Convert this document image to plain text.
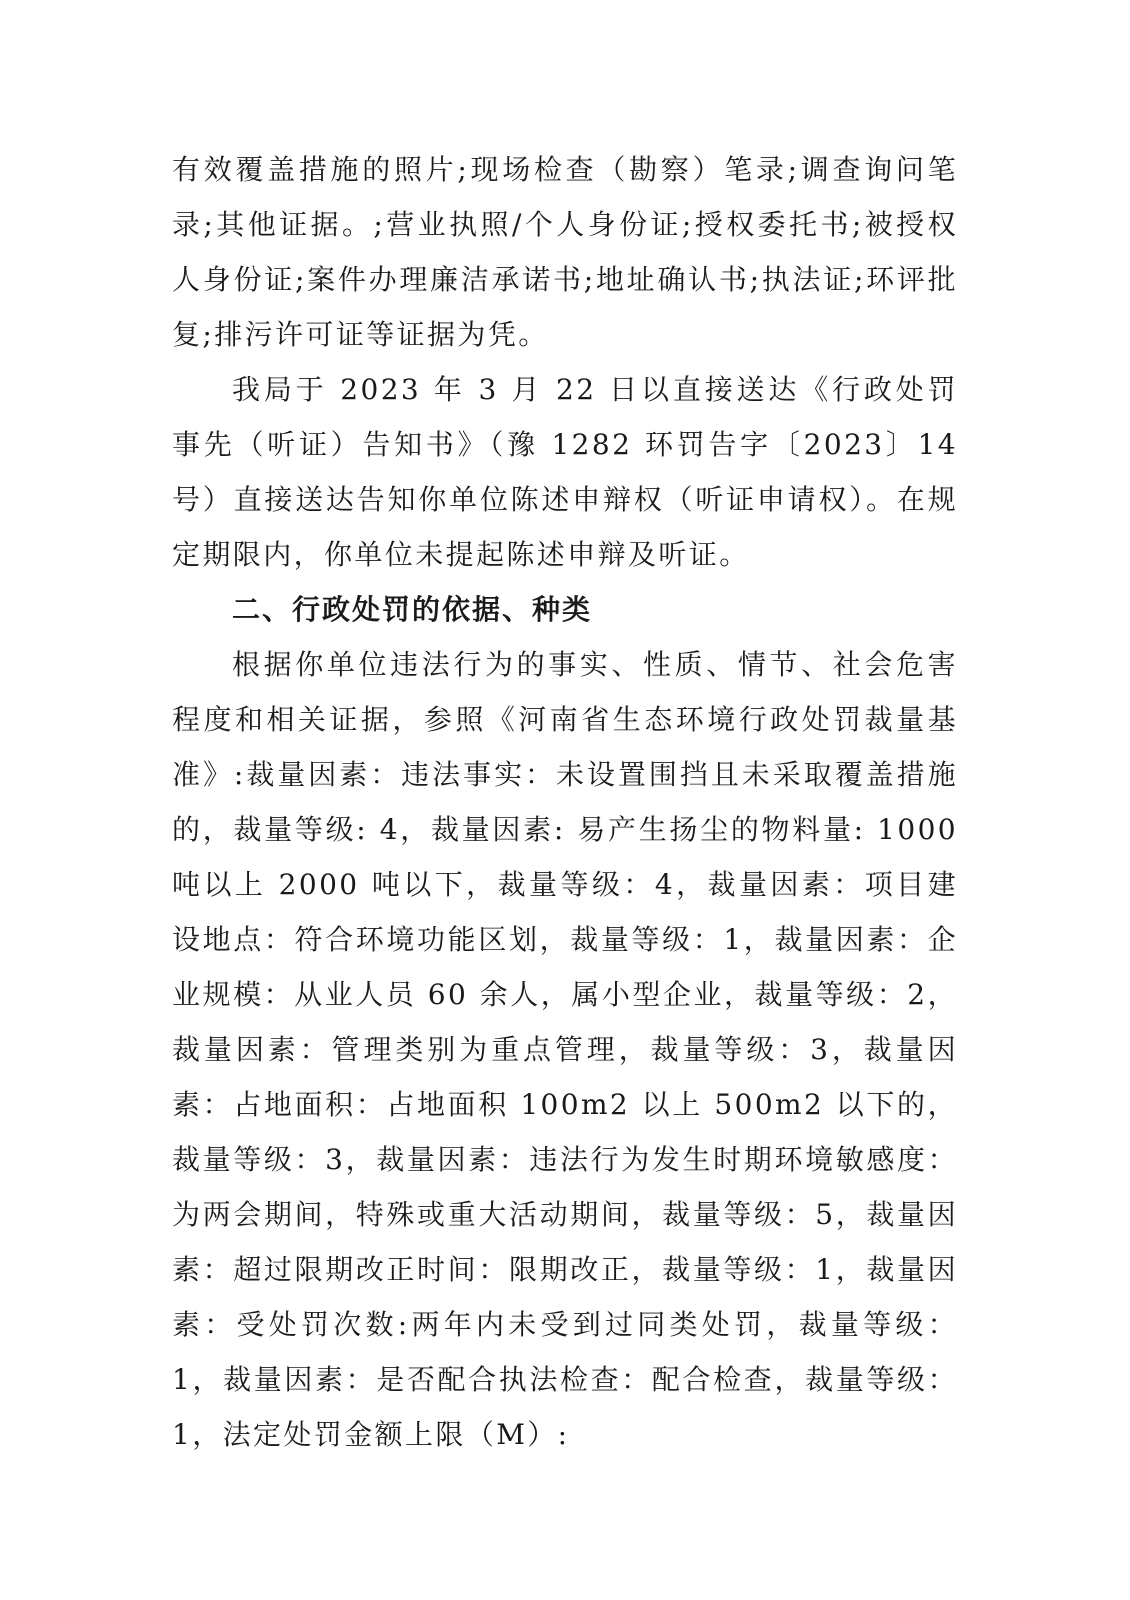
有效覆盖措施的照片;现场检查（勘察）笔录;调查询问笔录;其他证据。;营业执照/个人身份证;授权委托书;被授权人身份证;案件办理廉洁承诺书;地址确认书;执法证;环评批复;排污许可证等证据为凭。

我局于 2023 年 3 月 22 日以直接送达《行政处罚事先（听证）告知书》（豫 1282 环罚告字〔2023〕14 号）直接送达告知你单位陈述申辩权（听证申请权）。在规定期限内，你单位未提起陈述申辩及听证。

二、行政处罚的依据、种类

根据你单位违法行为的事实、性质、情节、社会危害程度和相关证据，参照《河南省生态环境行政处罚裁量基准》:裁量因素：违法事实：未设置围挡且未采取覆盖措施的，裁量等级: 4，裁量因素: 易产生扬尘的物料量: 1000 吨以上 2000 吨以下，裁量等级：4，裁量因素：项目建设地点：符合环境功能区划，裁量等级：1，裁量因素：企业规模：从业人员 60 余人，属小型企业，裁量等级：2，裁量因素：管理类别为重点管理，裁量等级：3，裁量因素：占地面积：占地面积 100m2 以上 500m2 以下的，裁量等级：3，裁量因素：违法行为发生时期环境敏感度：为两会期间，特殊或重大活动期间，裁量等级：5，裁量因素：超过限期改正时间：限期改正，裁量等级：1，裁量因素：受处罚次数:两年内未受到过同类处罚，裁量等级：1，裁量因素：是否配合执法检查：配合检查，裁量等级：1，法定处罚金额上限（M）:
